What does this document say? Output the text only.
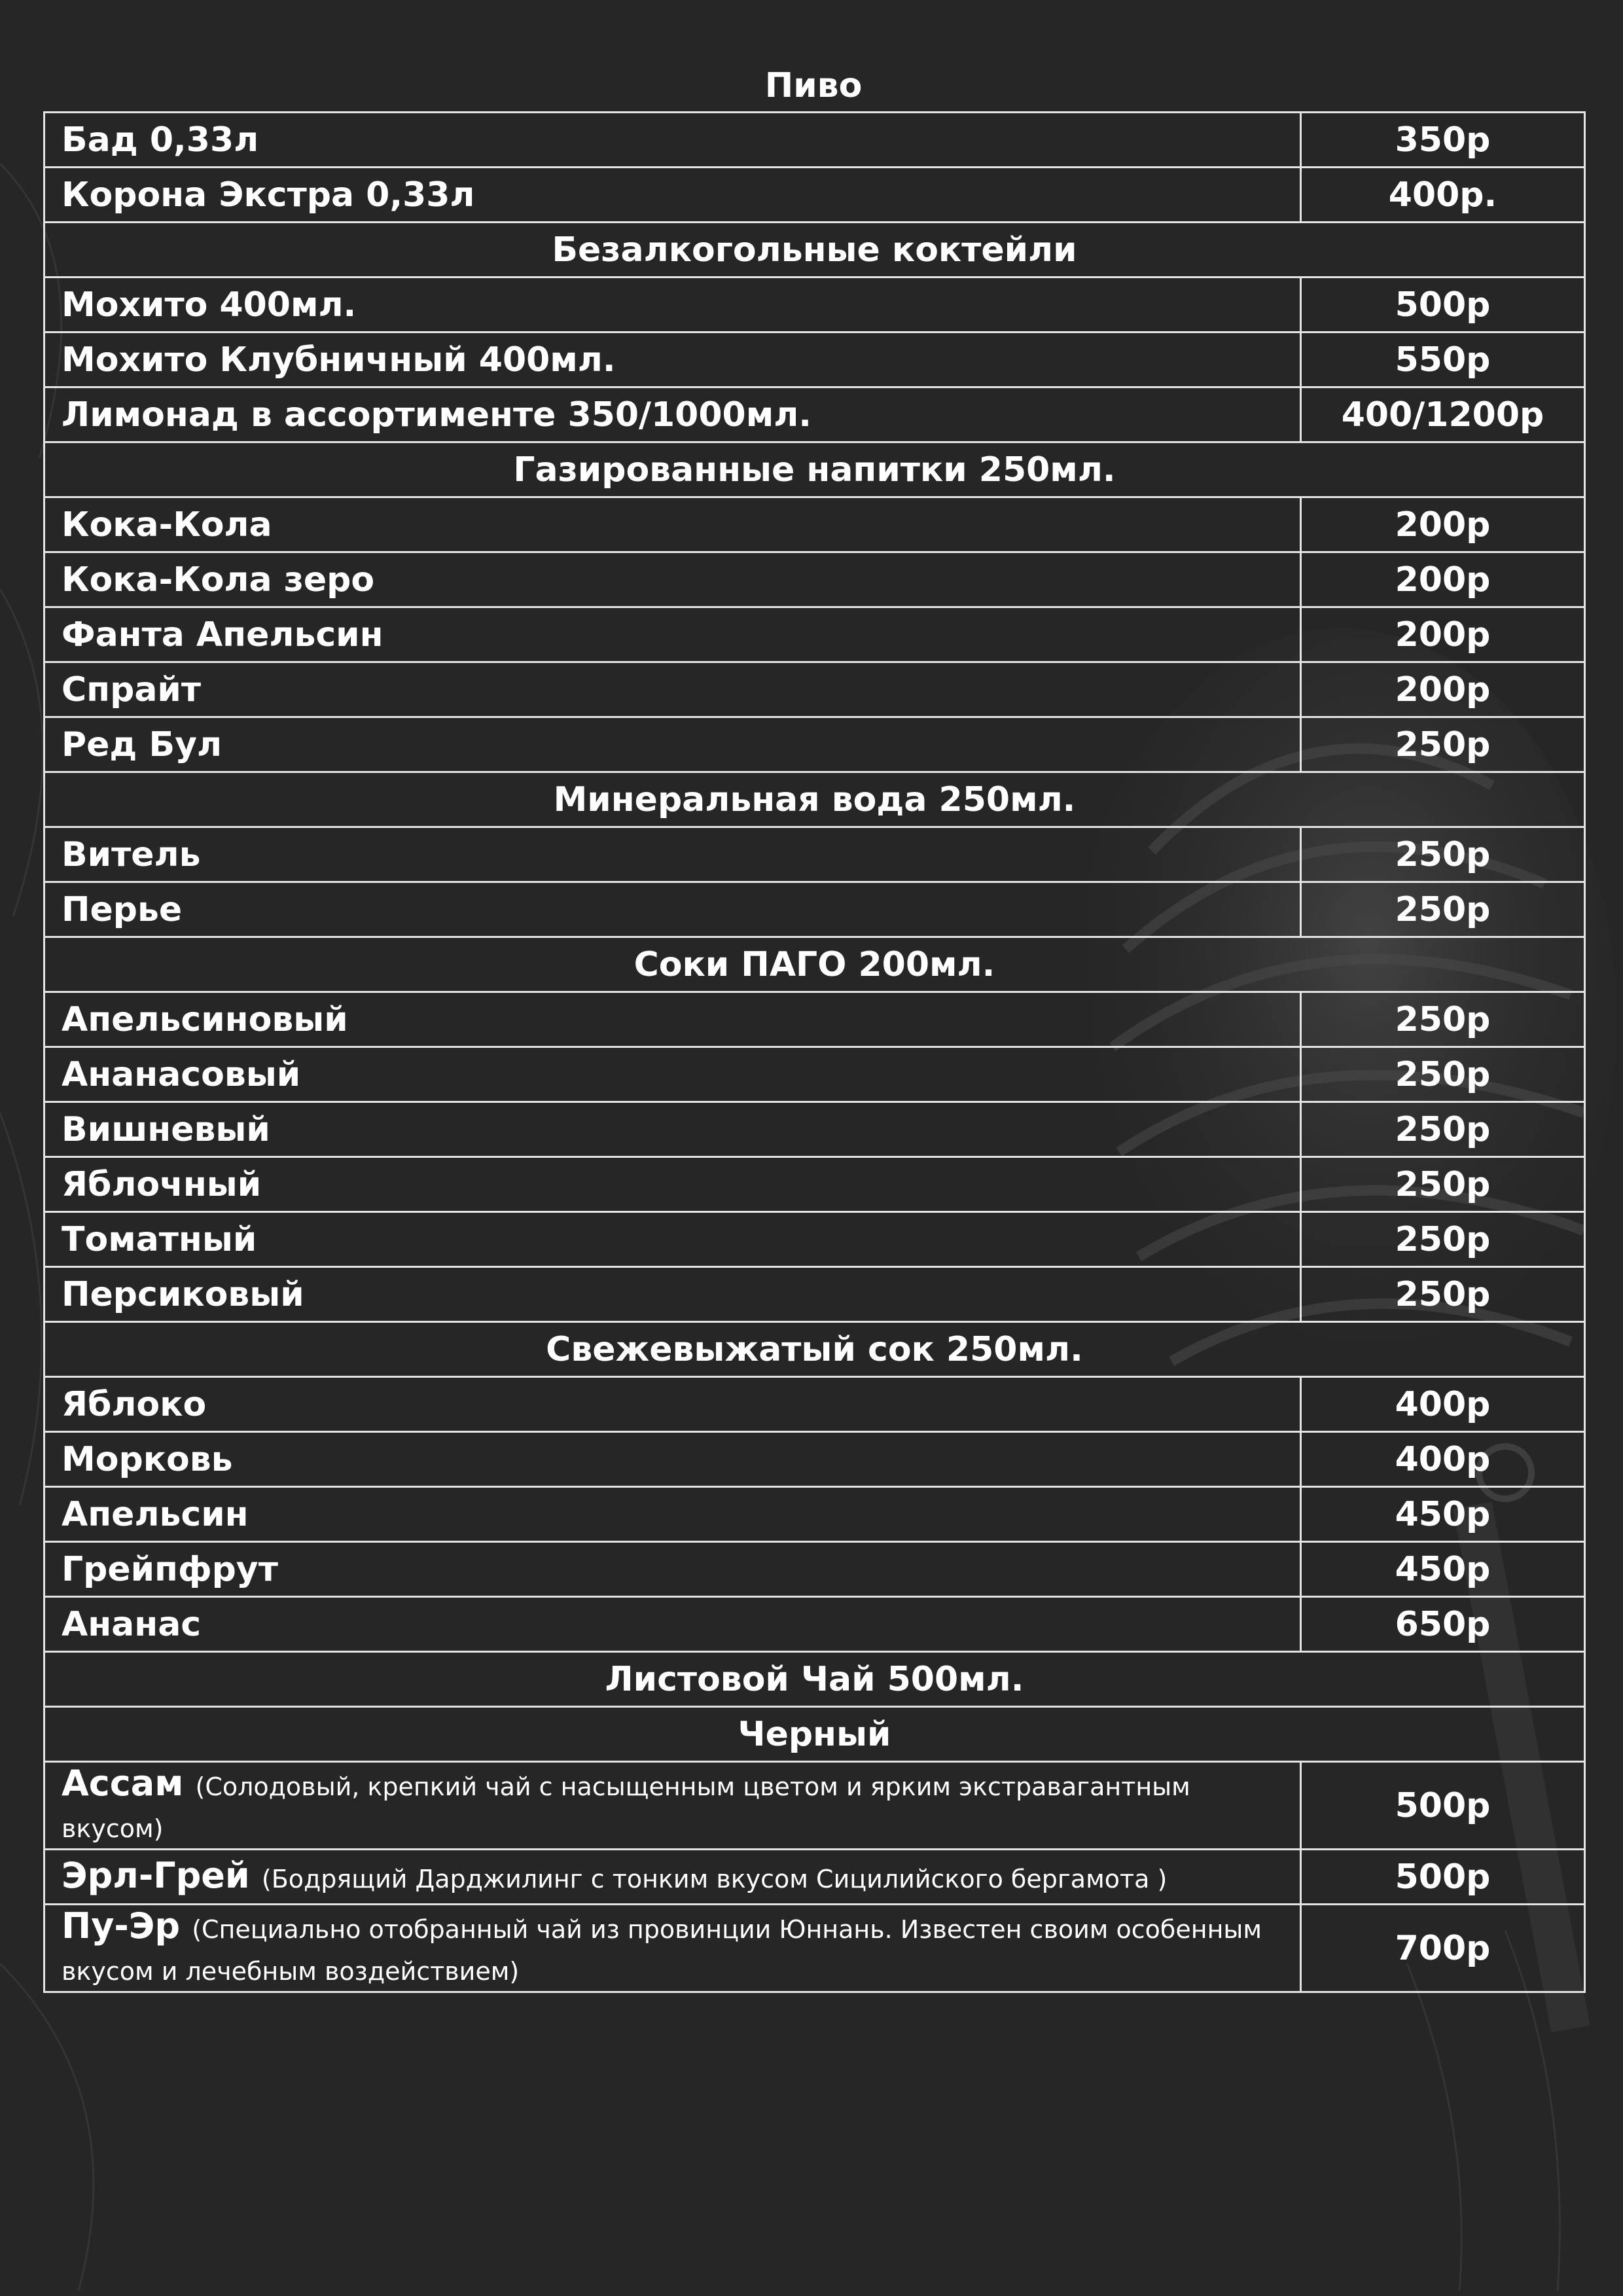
Пиво
Бад 0,33л	350р
Корона Экстра 0,33л	400р.
Безалкогольные коктейли	
Мохито 400мл.	500р
Мохито Клубничный 400мл.	550р
Лимонад в ассортименте 350/1000мл.	400/1200р
Газированные напитки 250мл.	
Кока-Кола	200р
Кока-Кола зеро	200р
Фанта Апельсин	200р
Спрайт	200р
Ред Бул	250р
Минеральная вода 250мл.	
Витель	250р
Перье	250р
Соки ПАГО 200мл.	
Апельсиновый	250р
Ананасовый	250р
Вишневый	250р
Яблочный	250р
Томатный	250р
Персиковый	250р
Свежевыжатый сок 250мл.	
Яблоко	400р
Морковь	400р
Апельсин	450р
Грейпфрут	450р
Ананас	650р
Листовой Чай 500мл.	
Черный	
Ассам (Солодовый, крепкий чай с насыщенным цветом и ярким экстравагантным вкусом)	500р
Эрл-Грей (Бодрящий Дарджилинг с тонким вкусом Сицилийского бергамота )	500р
Пу-Эр (Специально отобранный чай из провинции Юннань. Известен своим особенным вкусом и лечебным воздействием)	700р
